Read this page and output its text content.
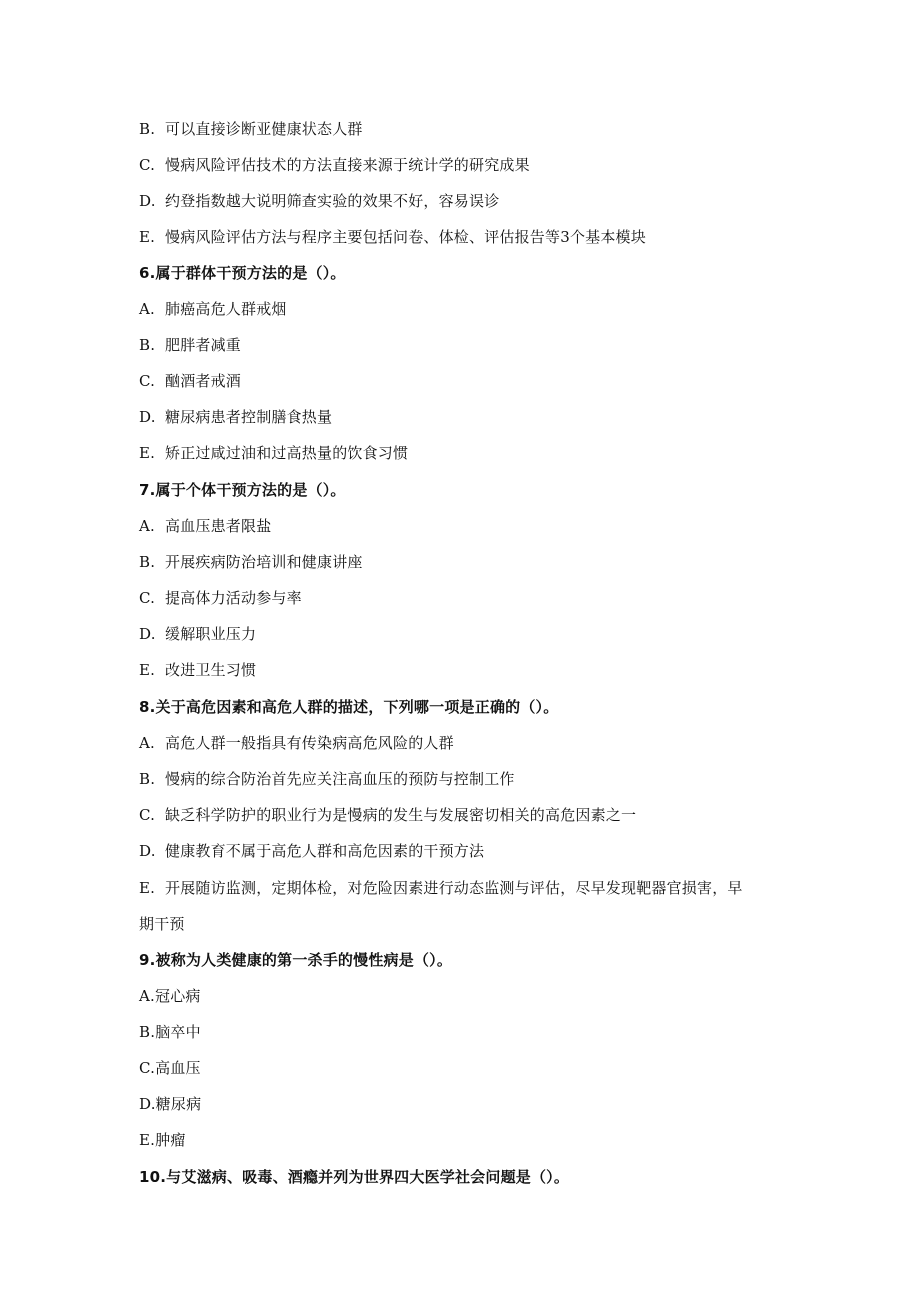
B. 可以直接诊断亚健康状态人群
C. 慢病风险评估技术的方法直接来源于统计学的研究成果
D. 约登指数越大说明筛查实验的效果不好，容易误诊
E. 慢病风险评估方法与程序主要包括问卷、体检、评估报告等3个基本模块
6.属于群体干预方法的是（）。
A. 肺癌高危人群戒烟
B. 肥胖者减重
C. 酗酒者戒酒
D. 糖尿病患者控制膳食热量
E. 矫正过咸过油和过高热量的饮食习惯
7.属于个体干预方法的是（）。
A. 高血压患者限盐
B. 开展疾病防治培训和健康讲座
C. 提高体力活动参与率
D. 缓解职业压力
E. 改进卫生习惯
8.关于高危因素和高危人群的描述，下列哪一项是正确的（）。
A. 高危人群一般指具有传染病高危风险的人群
B. 慢病的综合防治首先应关注高血压的预防与控制工作
C. 缺乏科学防护的职业行为是慢病的发生与发展密切相关的高危因素之一
D. 健康教育不属于高危人群和高危因素的干预方法
E. 开展随访监测，定期体检，对危险因素进行动态监测与评估，尽早发现靶器官损害，早
期干预
9.被称为人类健康的第一杀手的慢性病是（）。
A.冠心病
B.脑卒中
C.高血压
D.糖尿病
E.肿瘤
10.与艾滋病、吸毒、酒瘾并列为世界四大医学社会问题是（）。
